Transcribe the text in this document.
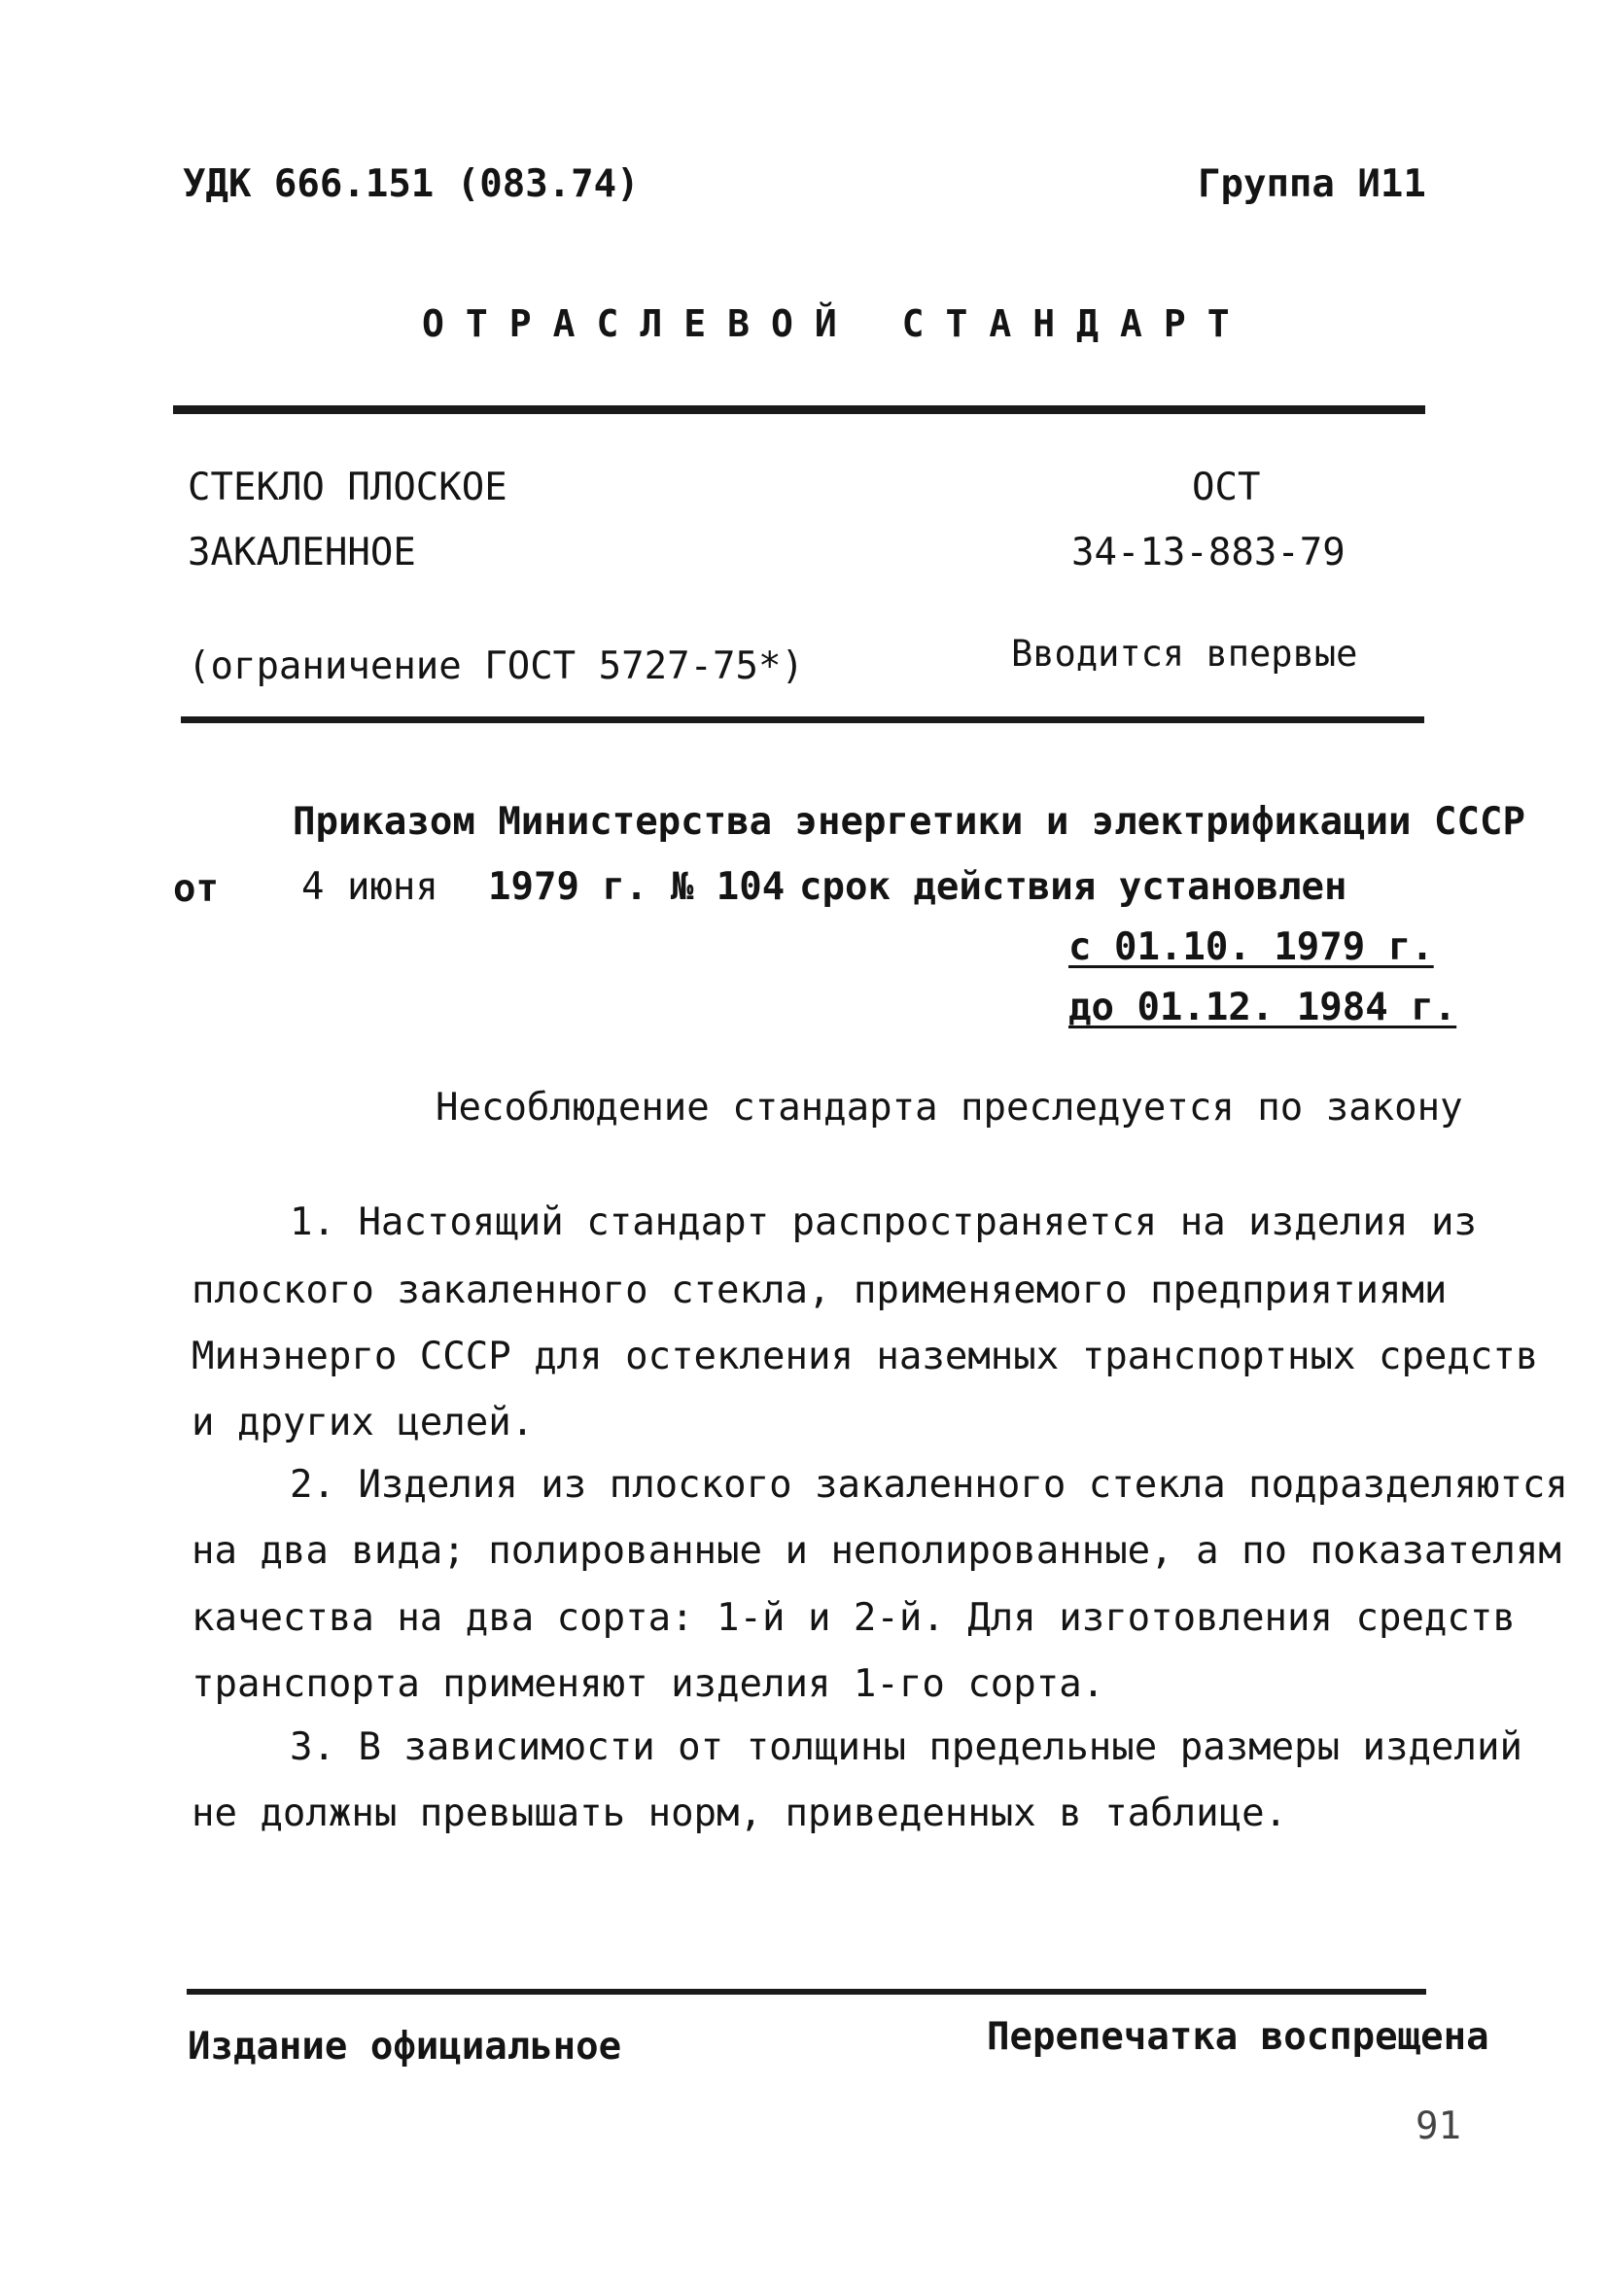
УДК 666.151 (083.74)	Группа И11
ОТРАСЛЕВОЙ СТАНДАРТ
СТЕКЛО ПЛОСКОЕ
ЗАКАЛЕННОЕ
(ограничение ГОСТ 5727-75*)
ОСТ
34-13-883-79
Вводится впервые
Приказом Министерства энергетики и электрификации СССР
от 4 июня 1979 г. № 104 срок действия установлен
с 01.10. 1979 г.
до 01.12. 1984 г.
Несоблюдение стандарта преследуется по закону
1. Настоящий стандарт распространяется на изделия из
плоского закаленного стекла, применяемого предприятиями
Минэнерго СССР для остекления наземных транспортных средств
и других целей.
2. Изделия из плоского закаленного стекла подразделяются
на два вида; полированные и неполированные, а по показателям
качества на два сорта: 1-й и 2-й. Для изготовления средств
транспорта применяют изделия 1-го сорта.
3. В зависимости от толщины предельные размеры изделий
не должны превышать норм, приведенных в таблице.
Издание официальное	Перепечатка воспрещена
91
